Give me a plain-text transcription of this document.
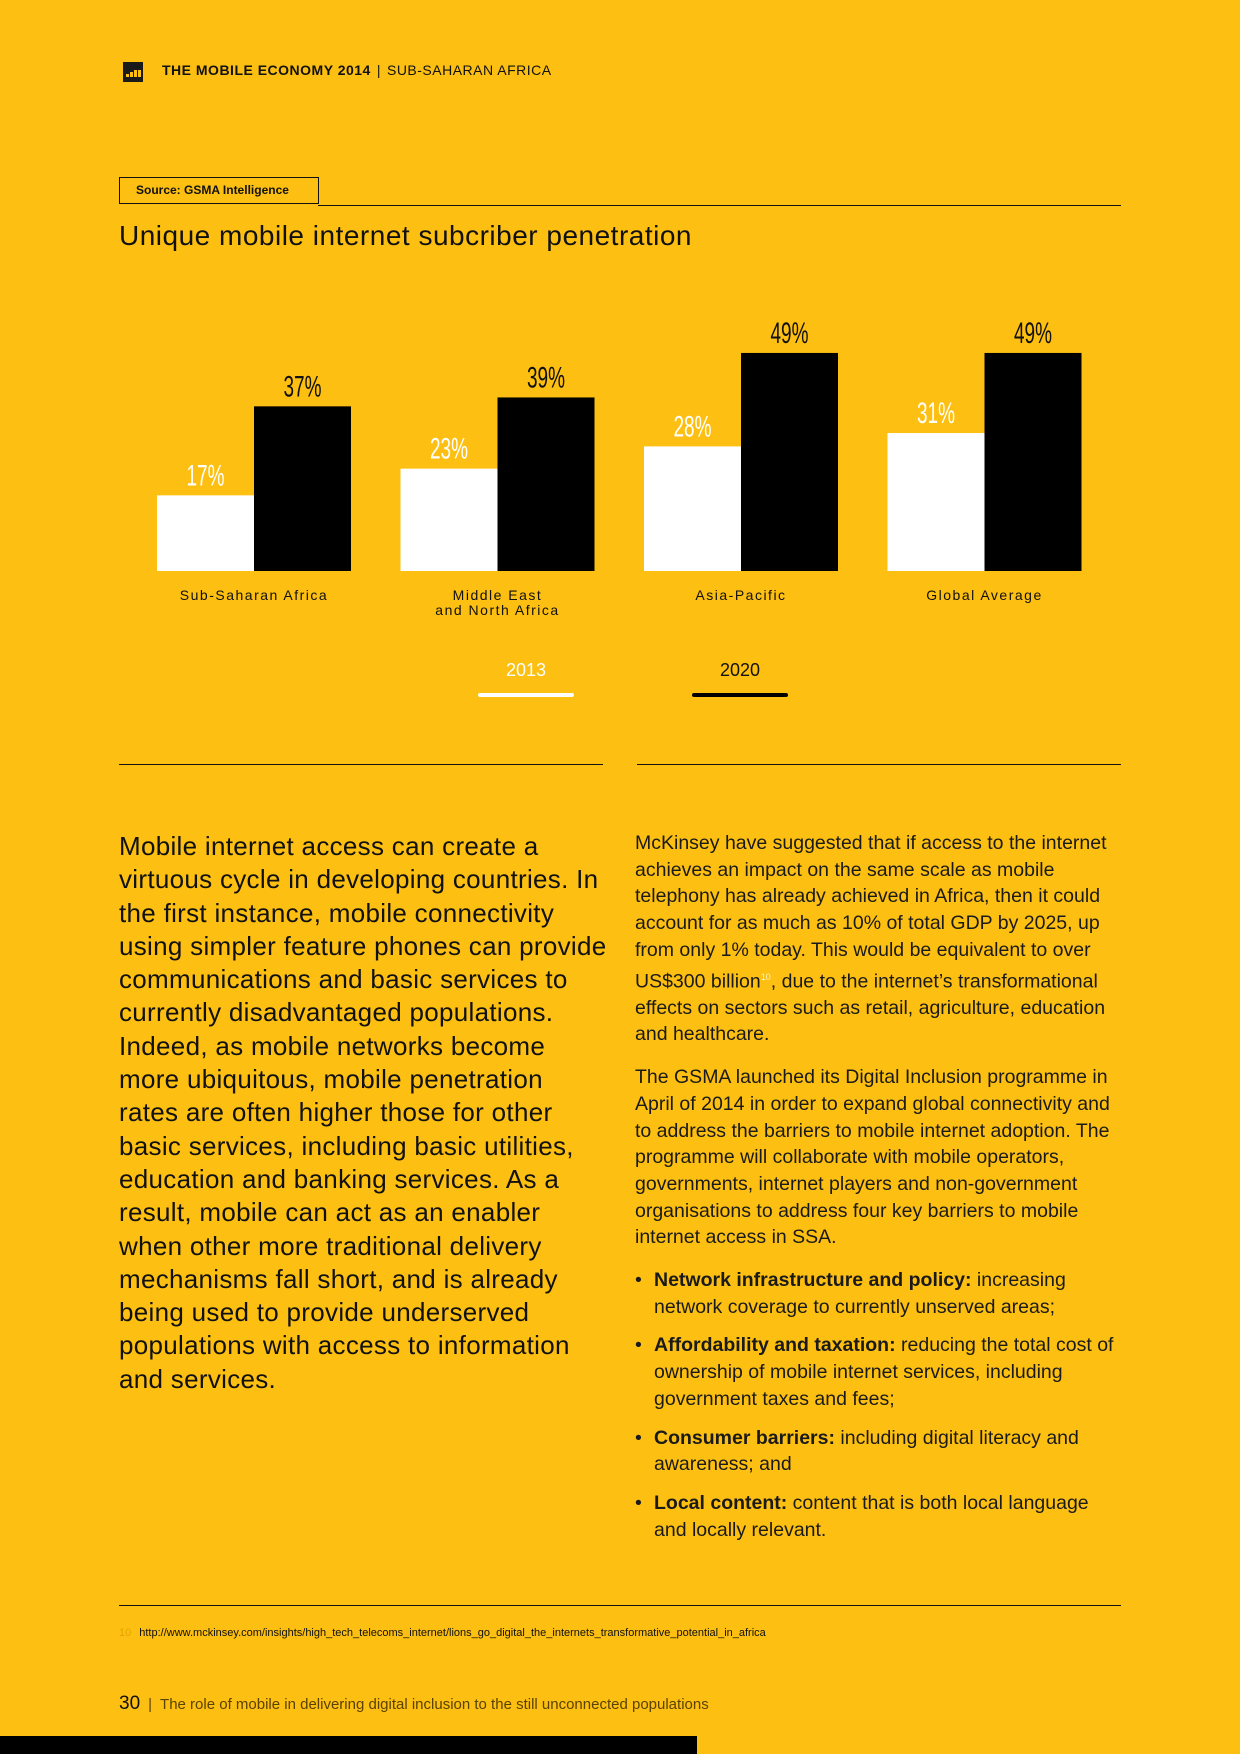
THE MOBILE ECONOMY 2014 | SUB-SAHARAN AFRICA
Source: GSMA Intelligence
Unique mobile internet subcriber penetration
17%
37%
Sub-Saharan Africa
23%
39%
Middle East
and North Africa
28%
49%
Asia-Pacific
31%
49%
Global Average
2013	2020
Mobile internet access can create a virtuous cycle in developing countries. In the first instance, mobile connectivity using simpler feature phones can provide communications and basic services to currently disadvantaged populations. Indeed, as mobile networks become more ubiquitous, mobile penetration rates are often higher those for other basic services, including basic utilities, education and banking services. As a result, mobile can act as an enabler when other more traditional delivery mechanisms fall short, and is already being used to provide underserved populations with access to information and services.

McKinsey have suggested that if access to the internet achieves an impact on the same scale as mobile telephony has already achieved in Africa, then it could account for as much as 10% of total GDP by 2025, up from only 1% today. This would be equivalent to over US$300 billion$^{10}$, due to the internet’s transformational effects on sectors such as retail, agriculture, education and healthcare.

The GSMA launched its Digital Inclusion programme in April of 2014 in order to expand global connectivity and to address the barriers to mobile internet adoption. The programme will collaborate with mobile operators, governments, internet players and non-government organisations to address four key barriers to mobile internet access in SSA.

• Network infrastructure and policy: increasing network coverage to currently unserved areas;
• Affordability and taxation: reducing the total cost of ownership of mobile internet services, including government taxes and fees;
• Consumer barriers: including digital literacy and awareness; and
• Local content: content that is both local language and locally relevant.
10 http://www.mckinsey.com/insights/high_tech_telecoms_internet/lions_go_digital_the_internets_transformative_potential_in_africa
30 | The role of mobile in delivering digital inclusion to the still unconnected populations
